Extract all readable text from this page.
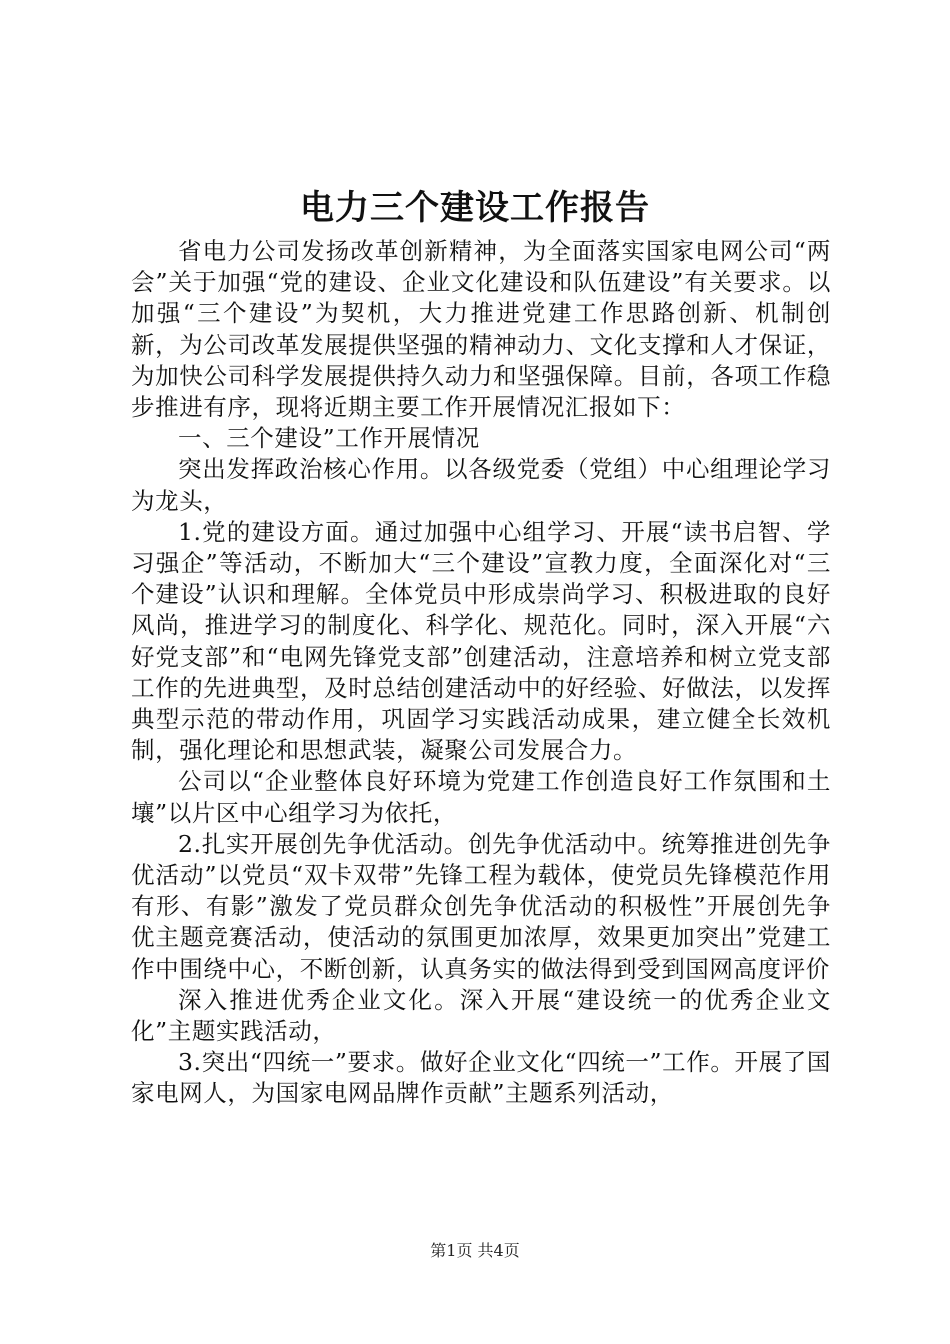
电力三个建设工作报告

省电力公司发扬改革创新精神，为全面落实国家电网公司“两会”关于加强“党的建设、企业文化建设和队伍建设”有关要求。以加强“三个建设”为契机，大力推进党建工作思路创新、机制创新，为公司改革发展提供坚强的精神动力、文化支撑和人才保证，为加快公司科学发展提供持久动力和坚强保障。目前，各项工作稳步推进有序，现将近期主要工作开展情况汇报如下：

一、三个建设”工作开展情况

突出发挥政治核心作用。以各级党委（党组）中心组理论学习为龙头，

1.党的建设方面。通过加强中心组学习、开展“读书启智、学习强企”等活动，不断加大“三个建设”宣教力度，全面深化对“三个建设”认识和理解。全体党员中形成崇尚学习、积极进取的良好风尚，推进学习的制度化、科学化、规范化。同时，深入开展“六好党支部”和“电网先锋党支部”创建活动，注意培养和树立党支部工作的先进典型，及时总结创建活动中的好经验、好做法，以发挥典型示范的带动作用，巩固学习实践活动成果，建立健全长效机制，强化理论和思想武装，凝聚公司发展合力。

公司以“企业整体良好环境为党建工作创造良好工作氛围和土壤”以片区中心组学习为依托，

2.扎实开展创先争优活动。创先争优活动中。统筹推进创先争优活动”以党员“双卡双带”先锋工程为载体，使党员先锋模范作用有形、有影”激发了党员群众创先争优活动的积极性”开展创先争优主题竞赛活动，使活动的氛围更加浓厚，效果更加突出”党建工作中围绕中心，不断创新，认真务实的做法得到受到国网高度评价

深入推进优秀企业文化。深入开展“建设统一的优秀企业文化”主题实践活动，

3.突出“四统一”要求。做好企业文化“四统一”工作。开展了国家电网人，为国家电网品牌作贡献”主题系列活动，

第1页 共4页
